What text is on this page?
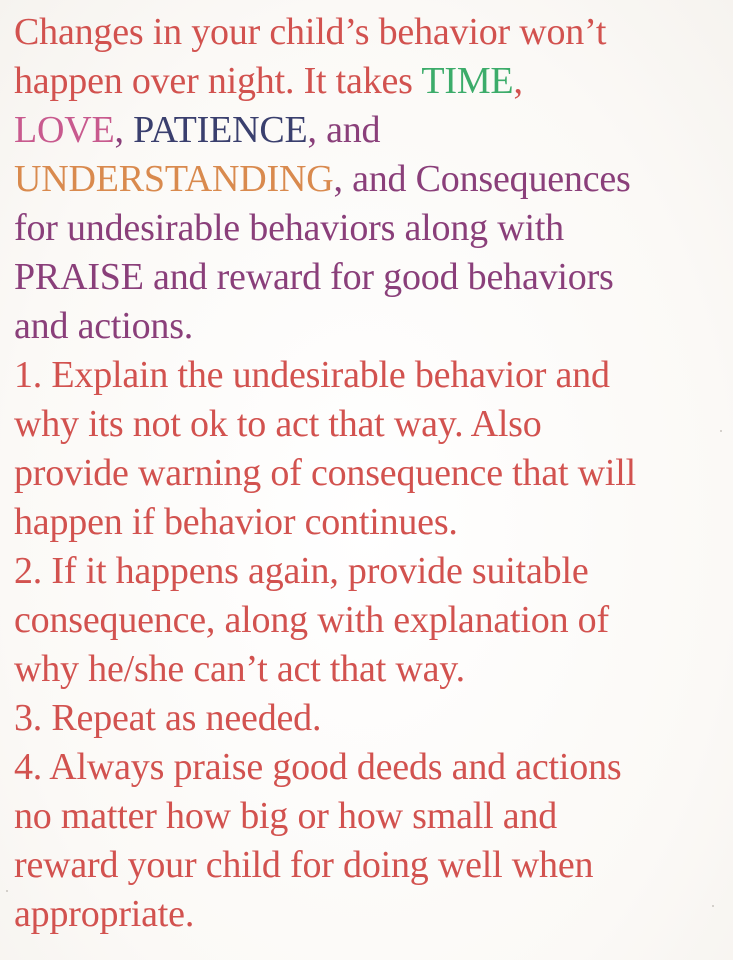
Changes in your child’s behavior won’t
happen over night. It takes TIME,
LOVE, PATIENCE, and
UNDERSTANDING, and Consequences
for undesirable behaviors along with
PRAISE and reward for good behaviors
and actions.

1. Explain the undesirable behavior and
why its not ok to act that way. Also
provide warning of consequence that will
happen if behavior continues.

2. If it happens again, provide suitable
consequence, along with explanation of
why he/she can’t act that way.

3. Repeat as needed.

4. Always praise good deeds and actions
no matter how big or how small and
reward your child for doing well when
appropriate.
